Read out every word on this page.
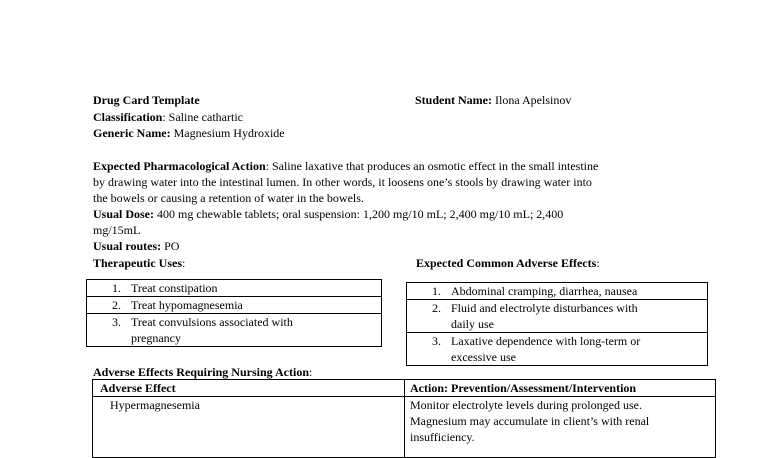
Drug Card Template	Student Name: Ilona Apelsinov
Classification: Saline cathartic
Generic Name: Magnesium Hydroxide
Expected Pharmacological Action: Saline laxative that produces an osmotic effect in the small intestine
by drawing water into the intestinal lumen. In other words, it loosens one’s stools by drawing water into
the bowels or causing a retention of water in the bowels.
Usual Dose: 400 mg chewable tablets; oral suspension: 1,200 mg/10 mL; 2,400 mg/10 mL; 2,400
mg/15mL
Usual routes: PO
Therapeutic Uses:	Expected Common Adverse Effects:
1. Treat constipation
2. Treat hypomagnesemia
3. Treat convulsions associated with
pregnancy
1. Abdominal cramping, diarrhea, nausea
2. Fluid and electrolyte disturbances with
daily use
3. Laxative dependence with long-term or
excessive use
Adverse Effects Requiring Nursing Action:
Adverse Effect	Action: Prevention/Assessment/Intervention
Hypermagnesemia	Monitor electrolyte levels during prolonged use.
Magnesium may accumulate in client’s with renal
insufficiency.
